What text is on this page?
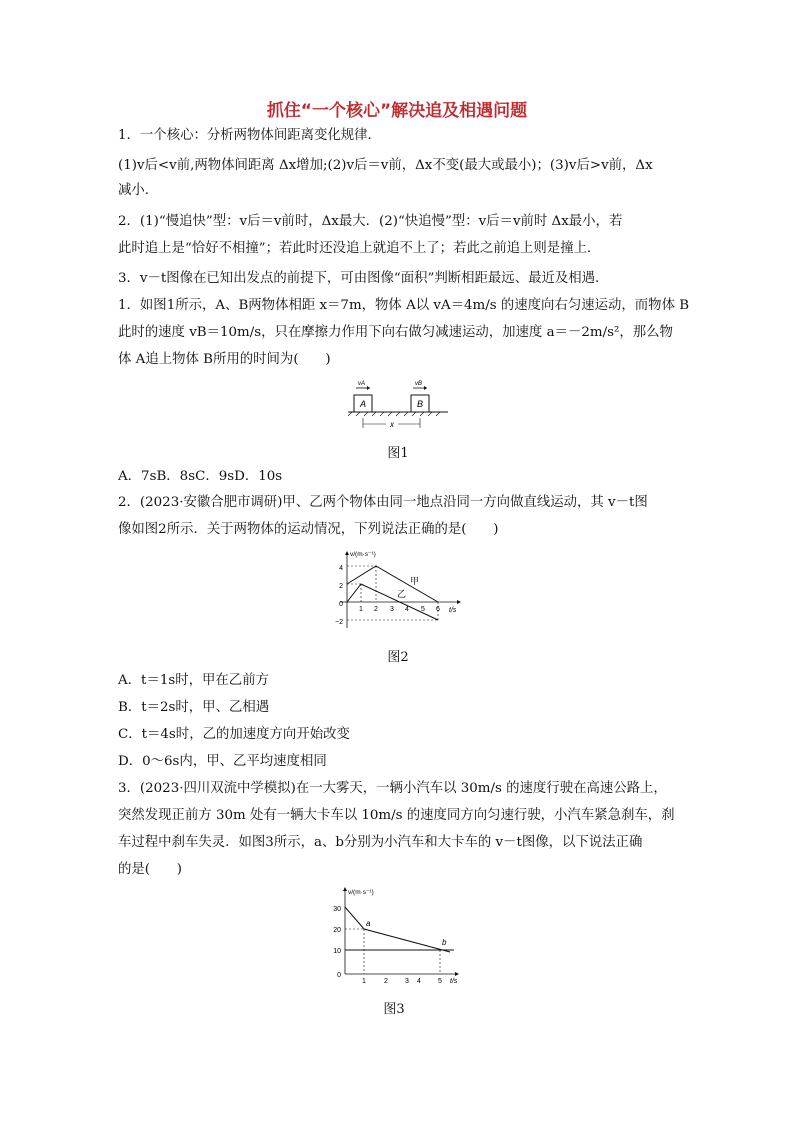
抓住“一个核心”解决追及相遇问题
1．一个核心：分析两物体间距离变化规律．
(1)v后<v前,两物体间距离 Δx增加;(2)v后＝v前，Δx不变(最大或最小)；(3)v后>v前，Δx
减小.
2．(1)“慢追快”型：v后＝v前时，Δx最大．(2)“快追慢”型：v后＝v前时 Δx最小，若
此时追上是“恰好不相撞”；若此时还没追上就追不上了；若此之前追上则是撞上．
3．v－t图像在已知出发点的前提下，可由图像“面积”判断相距最远、最近及相遇．
1．如图1所示，A、B两物体相距 x＝7m，物体 A以 vA＝4m/s 的速度向右匀速运动，而物体 B
此时的速度 vB＝10m/s，只在摩擦力作用下向右做匀减速运动，加速度 a＝－2m/s²，那么物
体 A追上物体 B所用的时间为(　　)
A	B
vA	vB
x
图1
A．7sB．8sC．9sD．10s
2．(2023·安徽合肥市调研)甲、乙两个物体由同一地点沿同一方向做直线运动，其 v－t图
像如图2所示．关于两物体的运动情况，下列说法正确的是(　　)
v/(m·s⁻¹)
t/s
4
2
0
−2
1 2 3 4 5 6
甲
乙
图2
A．t＝1s时，甲在乙前方
B．t＝2s时，甲、乙相遇
C．t＝4s时，乙的加速度方向开始改变
D．0～6s内，甲、乙平均速度相同
3．(2023·四川双流中学模拟)在一大雾天，一辆小汽车以 30m/s 的速度行驶在高速公路上，
突然发现正前方 30m 处有一辆大卡车以 10m/s 的速度同方向匀速行驶，小汽车紧急刹车，刹
车过程中刹车失灵．如图3所示，a、b分别为小汽车和大卡车的 v－t图像，以下说法正确
的是(　　)
v/(m·s⁻¹)
t/s
30
20
10
0
1	2 3 4 5
a
b
图3
